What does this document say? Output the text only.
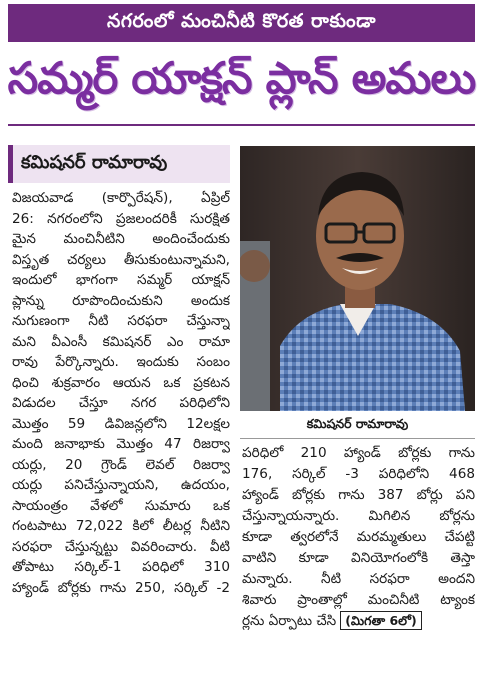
నగరంలో మంచినీటి కొరత రాకుండా
సమ్మర్ యాక్షన్ ప్లాన్ అమలు
కమిషనర్ రామారావు
విజయవాడ (కార్పొరేషన్), ఏప్రిల్
26: నగరంలోని ప్రజలందరికీ సురక్షిత
మైన మంచినీటిని అందించేందుకు
విస్తృత చర్యలు తీసుకుంటున్నామని,
ఇందులో భాగంగా సమ్మర్ యాక్షన్
ప్లాన్ను రూపొందించుకుని అందుక
నుగుణంగా నీటి సరఫరా చేస్తున్నా
మని వీఎంసీ కమిషనర్ ఎం రామా
రావు పేర్కొన్నారు. ఇందుకు సంబం
ధించి శుక్రవారం ఆయన ఒక ప్రకటన
విడుదల చేస్తూ నగర పరిధిలోని
మొత్తం 59 డివిజన్లలోని 12లక్షల
మంది జనాభాకు మొత్తం 47 రిజర్వా
యర్లు, 20 గ్రౌండ్ లెవల్ రిజర్వా
యర్లు పనిచేస్తున్నాయని, ఉదయం,
సాయంత్రం వేళలో సుమారు ఒక
గంటపాటు 72,022 కిలో లీటర్ల నీటిని
సరఫరా చేస్తున్నట్టు వివరించారు. వీటి
తోపాటు సర్కిల్-1 పరిధిలో 310
హ్యాండ్ బోర్లకు గాను 250, సర్కిల్ -2
కమిషనర్ రామారావు
పరిధిలో 210 హ్యాండ్ బోర్లకు గాను
176, సర్కిల్ -3 పరిధిలోని 468
హ్యాండ్ బోర్లకు గాను 387 బోర్లు పని
చేస్తున్నాయన్నారు. మిగిలిన బోర్లను
కూడా త్వరలోనే మరమ్మతులు చేపట్టి
వాటిని కూడా వినియోగంలోకి తెస్తా
మన్నారు. నీటి సరఫరా అందని
శివారు ప్రాంతాల్లో మంచినీటి ట్యాంక
ర్లను ఏర్పాటు చేసి (మిగతా 6లో)
